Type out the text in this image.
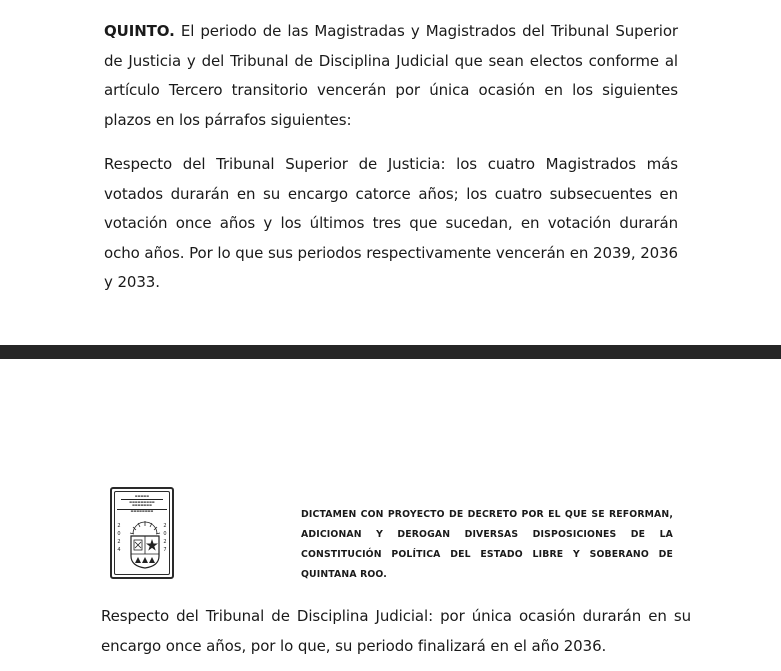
QUINTO. El periodo de las Magistradas y Magistrados del Tribunal Superior de Justicia y del Tribunal de Disciplina Judicial que sean electos conforme al artículo Tercero transitorio vencerán por única ocasión en los siguientes plazos en los párrafos siguientes:

Respecto del Tribunal Superior de Justicia: los cuatro Magistrados más votados durarán en su encargo catorce años; los cuatro subsecuentes en votación once años y los últimos tres que sucedan, en votación durarán ocho años. Por lo que sus periodos respectivamente vencerán en 2039, 2036 y 2033.

▬▬▬▬▬
▬▬▬▬▬▬▬▬▬
▬▬▬▬▬▬▬
▬▬▬▬▬▬▬▬
2
0
2
4
2
0
2
7

DICTAMEN CON PROYECTO DE DECRETO POR EL QUE SE REFORMAN, ADICIONAN Y DEROGAN DIVERSAS DISPOSICIONES DE LA CONSTITUCIÓN POLÍTICA DEL ESTADO LIBRE Y SOBERANO DE QUINTANA ROO.

Respecto del Tribunal de Disciplina Judicial: por única ocasión durarán en su encargo once años, por lo que, su periodo finalizará en el año 2036.
